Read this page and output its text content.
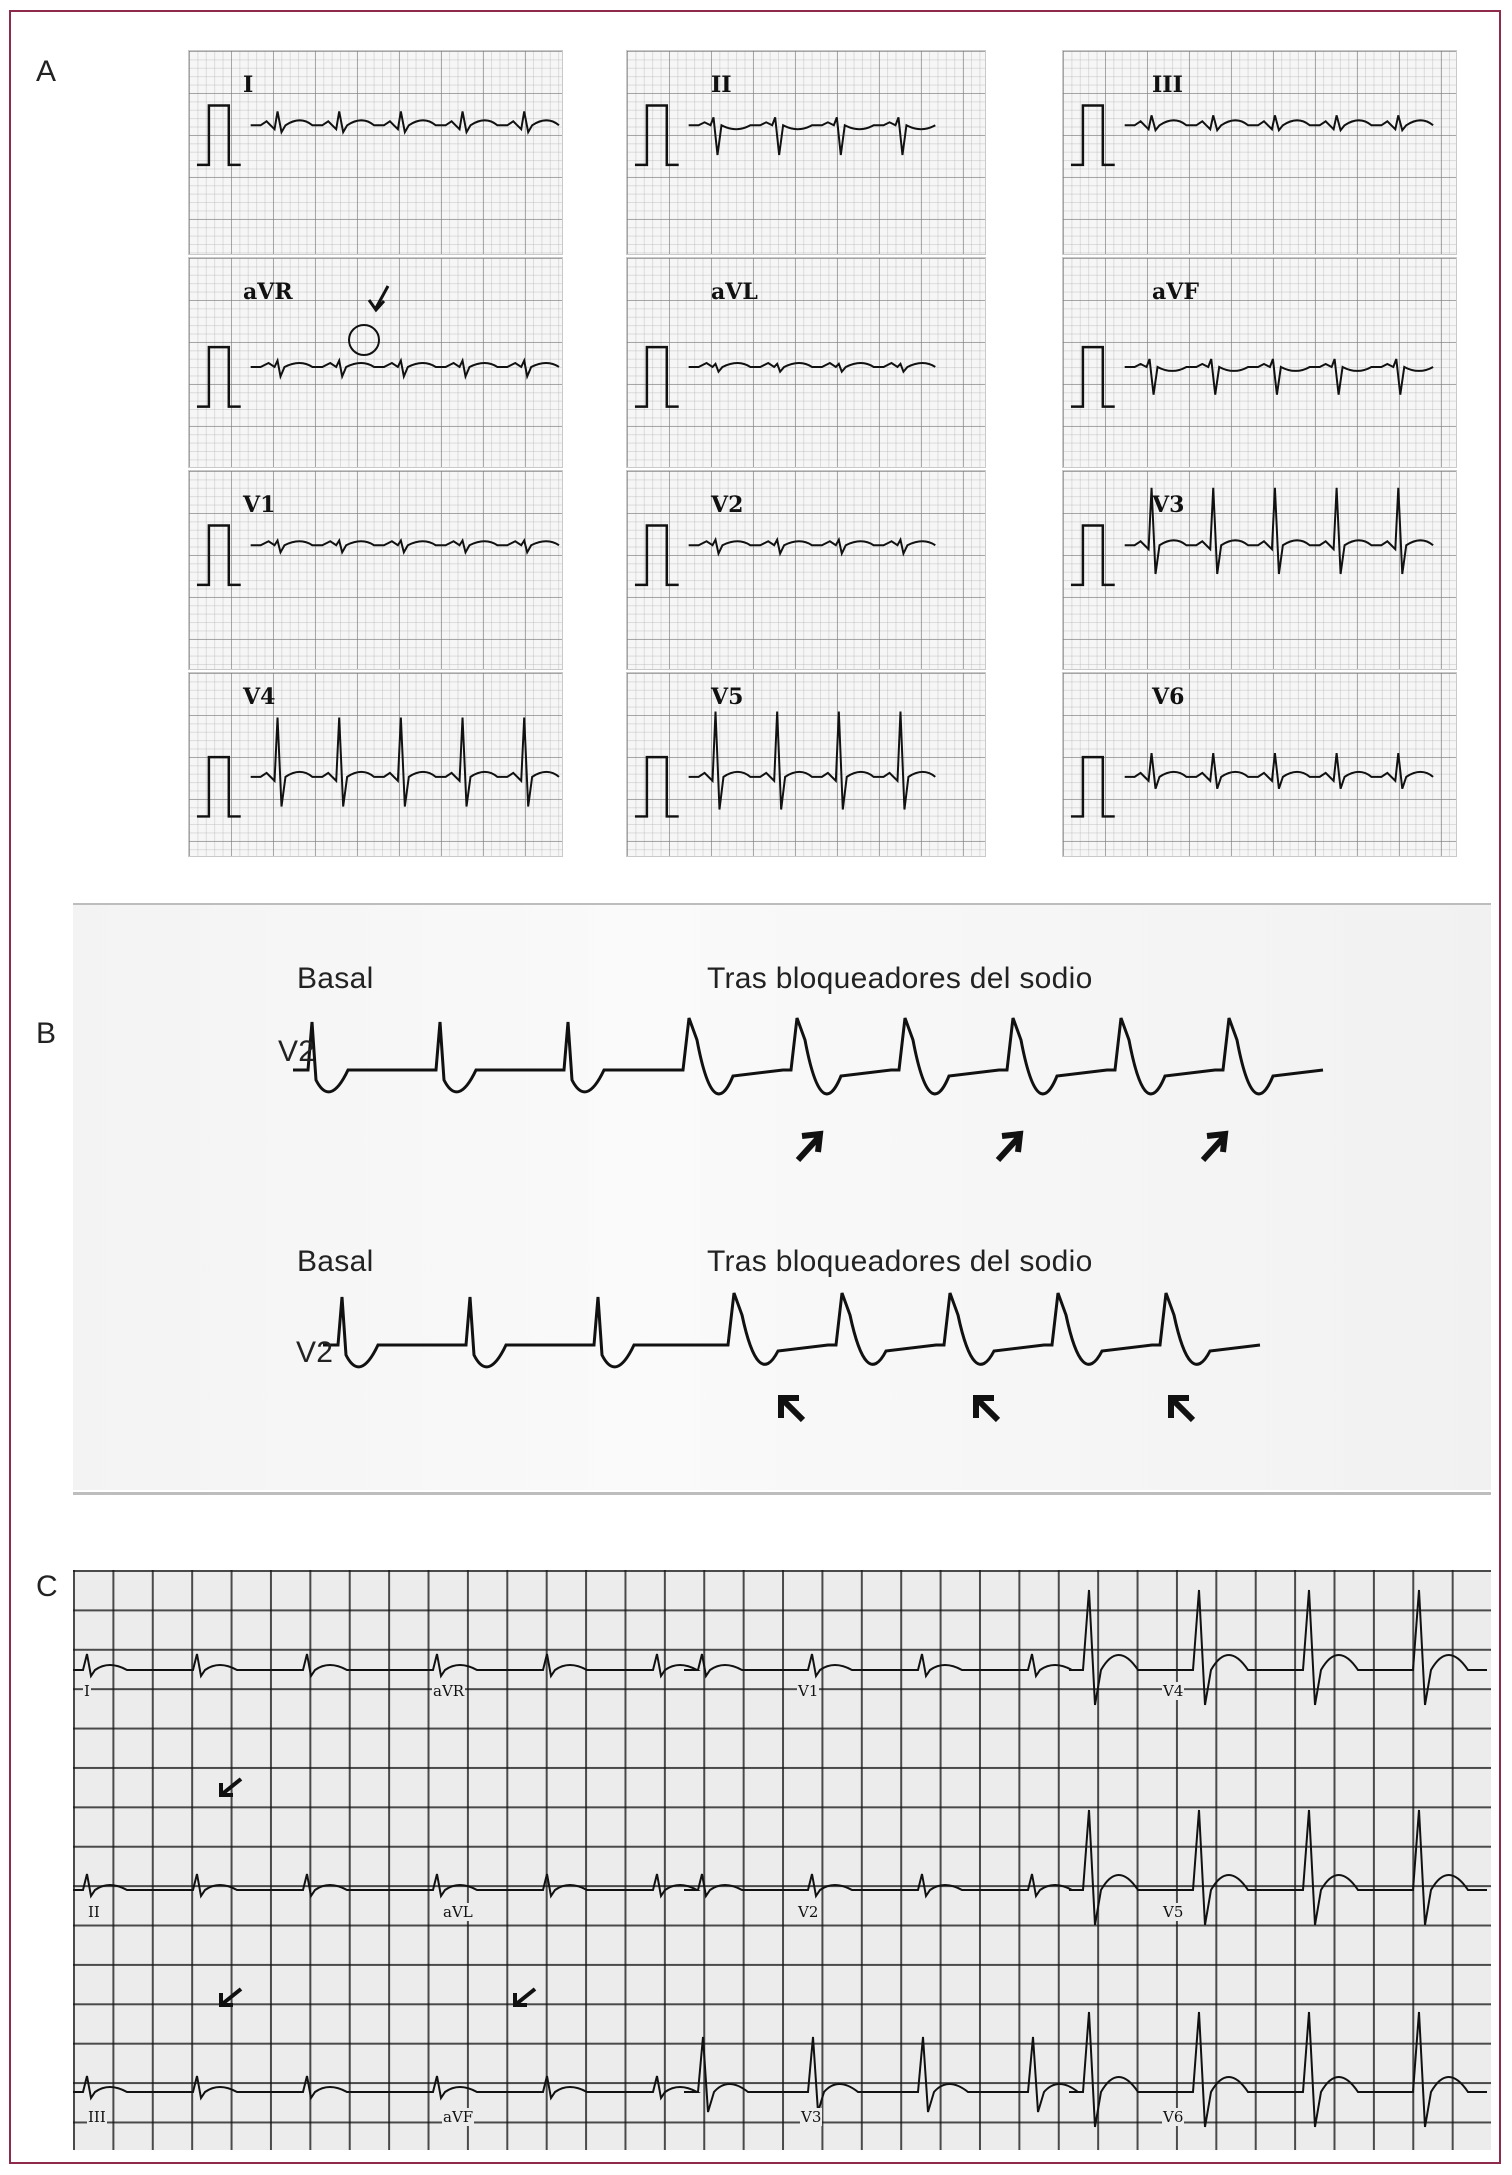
A
B
C
I	II	III
aVR	aVL	aVF
V1	V2	V3
V4	V5	V6
Basal	Tras bloqueadores del sodio
V2
Basal	Tras bloqueadores del sodio
V2
I	aVR	V1	V4
II	aVL	V2	V5
III	aVF	V3	V6
